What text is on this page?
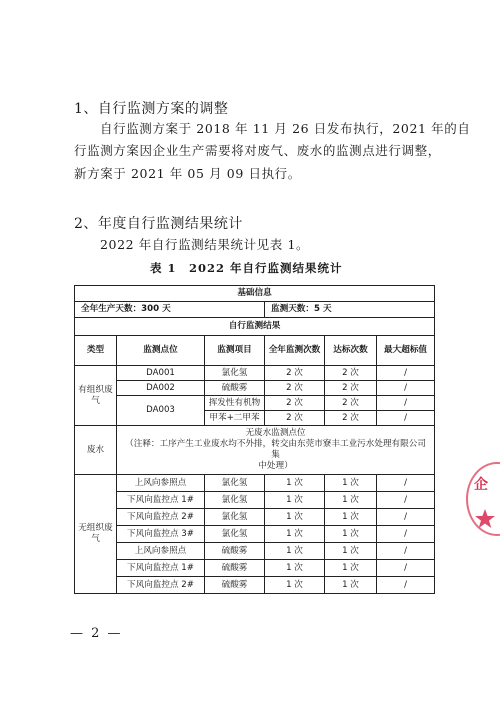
1、自行监测方案的调整
自行监测方案于 2018 年 11 月 26 日发布执行，2021 年的自
行监测方案因企业生产需要将对废气、废水的监测点进行调整，
新方案于 2021 年 05 月 09 日执行。
2、年度自行监测结果统计
2022 年自行监测结果统计见表 1。
表 1　2022 年自行监测结果统计
基础信息					
全年生产天数：300 天			监测天数：5 天		
自行监测结果					
类型	监测点位	监测项目	全年监测次数	达标次数	最大超标值
有组织废气	DA001	氯化氢	2 次	2 次	/
	DA002	硫酸雾	2 次	2 次	/
	DA003	挥发性有机物	2 次	2 次	/
		甲苯+二甲苯	2 次	2 次	/
废水	无废水监测点位
（注释：工序产生工业废水均不外排，转交由东莞市寮丰工业污水处理有限公司集
中处理）				

无组织废气	上风向参照点	氯化氢	1 次	1 次	/
	下风向监控点 1#	氯化氢	1 次	1 次	/
	下风向监控点 2#	氯化氢	1 次	1 次	/
	下风向监控点 3#	氯化氢	1 次	1 次	/
	上风向参照点	硫酸雾	1 次	1 次	/
	下风向监控点 1#	硫酸雾	1 次	1 次	/
	下风向监控点 2#	硫酸雾	1 次	1 次	/
企
— 2 —
